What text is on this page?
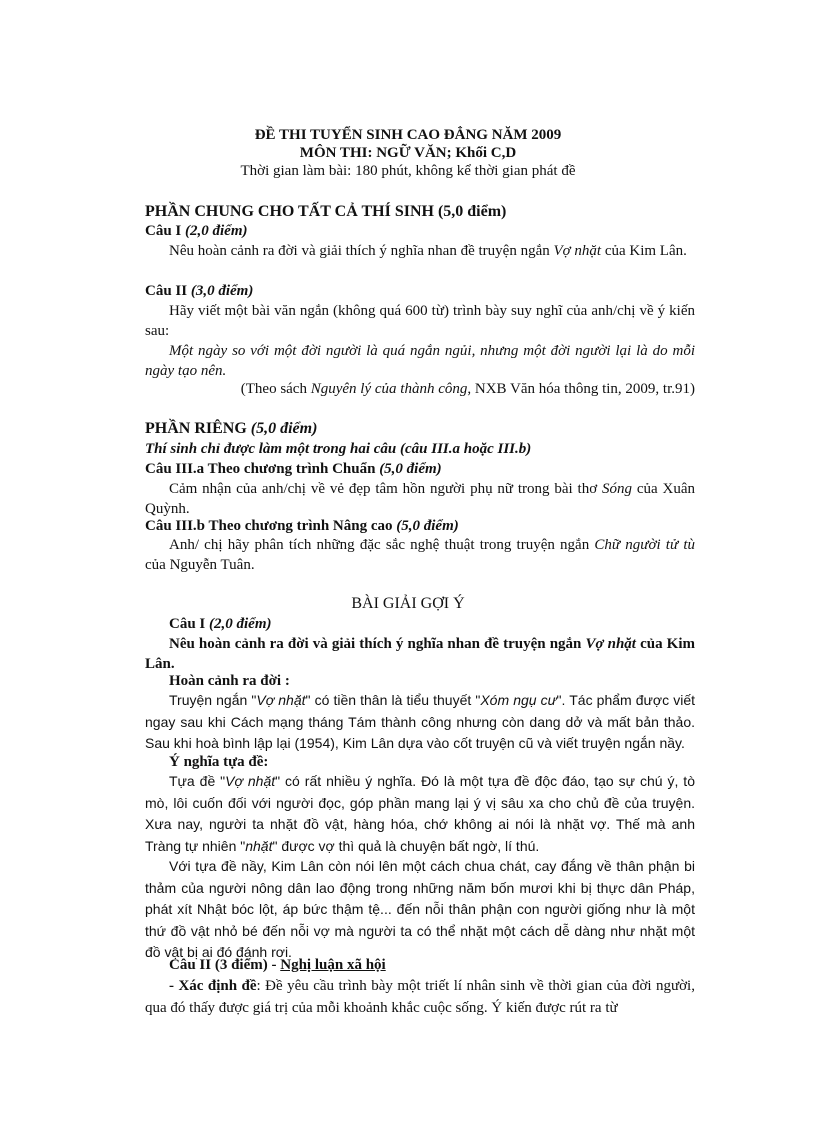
ĐỀ THI TUYỂN SINH CAO ĐẲNG NĂM 2009
MÔN THI: NGỮ VĂN; Khối C,D
Thời gian làm bài: 180 phút, không kể thời gian phát đề
PHẦN CHUNG CHO TẤT CẢ THÍ SINH (5,0 điểm)
Câu I (2,0 điểm)
Nêu hoàn cảnh ra đời và giải thích ý nghĩa nhan đề truyện ngắn Vợ nhặt của Kim Lân.
Câu II (3,0 điểm)
Hãy viết một bài văn ngắn (không quá 600 từ) trình bày suy nghĩ của anh/chị về ý kiến sau:
Một ngày so với một đời người là quá ngắn ngủi, nhưng một đời người lại là do mỗi ngày tạo nên.
(Theo sách Nguyên lý của thành công, NXB Văn hóa thông tin, 2009, tr.91)
PHẦN RIÊNG (5,0 điểm)
Thí sinh chỉ được làm một trong hai câu (câu III.a hoặc III.b)
Câu III.a Theo chương trình Chuẩn (5,0 điểm)
Cảm nhận của anh/chị về vẻ đẹp tâm hồn người phụ nữ trong bài thơ Sóng của Xuân Quỳnh.
Câu III.b Theo chương trình Nâng cao (5,0 điểm)
Anh/ chị hãy phân tích những đặc sắc nghệ thuật trong truyện ngắn Chữ người tử tù của Nguyễn Tuân.
BÀI GIẢI GỢI Ý
Câu I (2,0 điểm)
Nêu hoàn cảnh ra đời và giải thích ý nghĩa nhan đề truyện ngắn Vợ nhặt của Kim Lân.
Hoàn cảnh ra đời :
Truyện ngắn "Vợ nhặt" có tiền thân là tiểu thuyết "Xóm ngụ cư". Tác phẩm được viết ngay sau khi Cách mạng tháng Tám thành công nhưng còn dang dở và mất bản thảo. Sau khi hoà bình lập lại (1954), Kim Lân dựa vào cốt truyện cũ và viết truyện ngắn nầy.
Ý nghĩa tựa đề:
Tựa đề "Vợ nhặt" có rất nhiều ý nghĩa. Đó là một tựa đề độc đáo, tạo sự chú ý, tò mò, lôi cuốn đối với người đọc, góp phần mang lại ý vị sâu xa cho chủ đề của truyện. Xưa nay, người ta nhặt đồ vật, hàng hóa, chớ không ai nói là nhặt vợ. Thế mà anh Tràng tự nhiên "nhặt" được vợ thì quả là chuyện bất ngờ, lí thú.
Với tựa đề nầy, Kim Lân còn nói lên một cách chua chát, cay đắng về thân phận bi thảm của người nông dân lao động trong những năm bốn mươi khi bị thực dân Pháp, phát xít Nhật bóc lột, áp bức thậm tệ... đến nỗi thân phận con người giống như là một thứ đồ vật nhỏ bé đến nỗi vợ mà người ta có thể nhặt một cách dễ dàng như nhặt một đồ vật bị ai đó đánh rơi.
Câu II (3 điểm) - Nghị luận xã hội
- Xác định đề: Đề yêu cầu trình bày một triết lí nhân sinh về thời gian của đời người, qua đó thấy được giá trị của mỗi khoảnh khắc cuộc sống. Ý kiến được rút ra từ
